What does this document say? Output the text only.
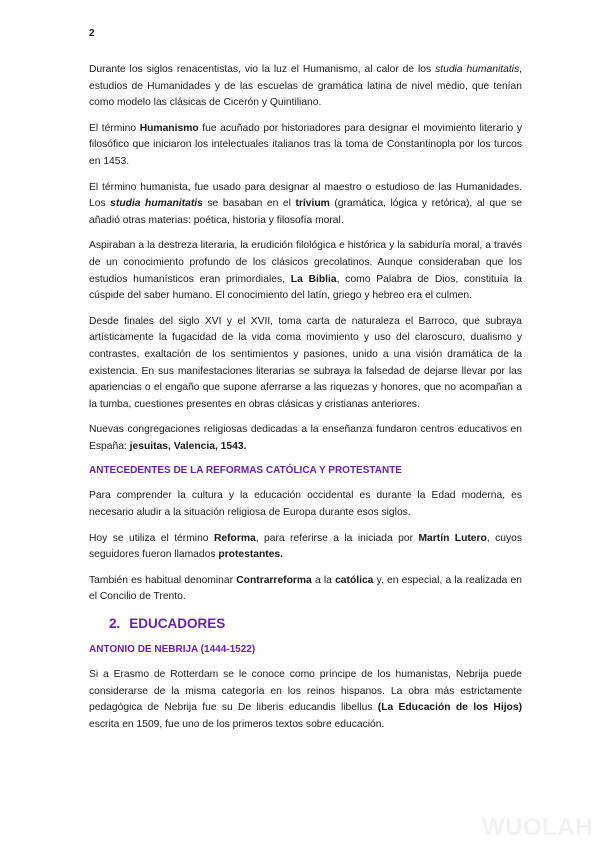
2

Durante los siglos renacentistas, vio la luz el Humanismo, al calor de los studia humanitatis, estudios de Humanidades y de las escuelas de gramática latina de nivel medio, que tenían como modelo las clásicas de Cicerón y Quintiliano.

El término Humanismo fue acuñado por historiadores para designar el movimiento literario y filosófico que iniciaron los intelectuales italianos tras la toma de Constantinopla por los turcos en 1453.

El término humanista, fue usado para designar al maestro o estudioso de las Humanidades. Los studia humanitatis se basaban en el trívium (gramática, lógica y retórica), al que se añadió otras materias: poética, historia y filosofía moral.

Aspiraban a la destreza literaria, la erudición filológica e histórica y la sabiduría moral, a través de un conocimiento profundo de los clásicos grecolatinos. Aunque consideraban que los estudios humanísticos eran primordiales, La Biblia, como Palabra de Dios, constituía la cúspide del saber humano. El conocimiento del latín, griego y hebreo era el culmen.

Desde finales del siglo XVI y el XVII, toma carta de naturaleza el Barroco, que subraya artísticamente la fugacidad de la vida coma movimiento y uso del claroscuro, dualismo y contrastes, exaltación de los sentimientos y pasiones, unido a una visión dramática de la existencia. En sus manifestaciones literarias se subraya la falsedad de dejarse llevar por las apariencias o el engaño que supone aferrarse a las riquezas y honores, que no acompañan a la tumba, cuestiones presentes en obras clásicas y cristianas anteriores.

Nuevas congregaciones religiosas dedicadas a la enseñanza fundaron centros educativos en España: jesuitas, Valencia, 1543.

ANTECEDENTES DE LA REFORMAS CATÓLICA Y PROTESTANTE

Para comprender la cultura y la educación occidental es durante la Edad moderna, es necesario aludir a la situación religiosa de Europa durante esos siglos.

Hoy se utiliza el término Reforma, para referirse a la iniciada por Martín Lutero, cuyos seguidores fueron llamados protestantes.

También es habitual denominar Contrarreforma a la católica y, en especial, a la realizada en el Concilio de Trento.

2. EDUCADORES
ANTONIO DE NEBRIJA (1444-1522)

Si a Erasmo de Rotterdam se le conoce como príncipe de los humanistas, Nebrija puede considerarse de la misma categoría en los reinos hispanos. La obra más estrictamente pedagógica de Nebrija fue su De liberis educandis libellus (La Educación de los Hijos) escrita en 1509, fue uno de los primeros textos sobre educación.

WUOLAH
